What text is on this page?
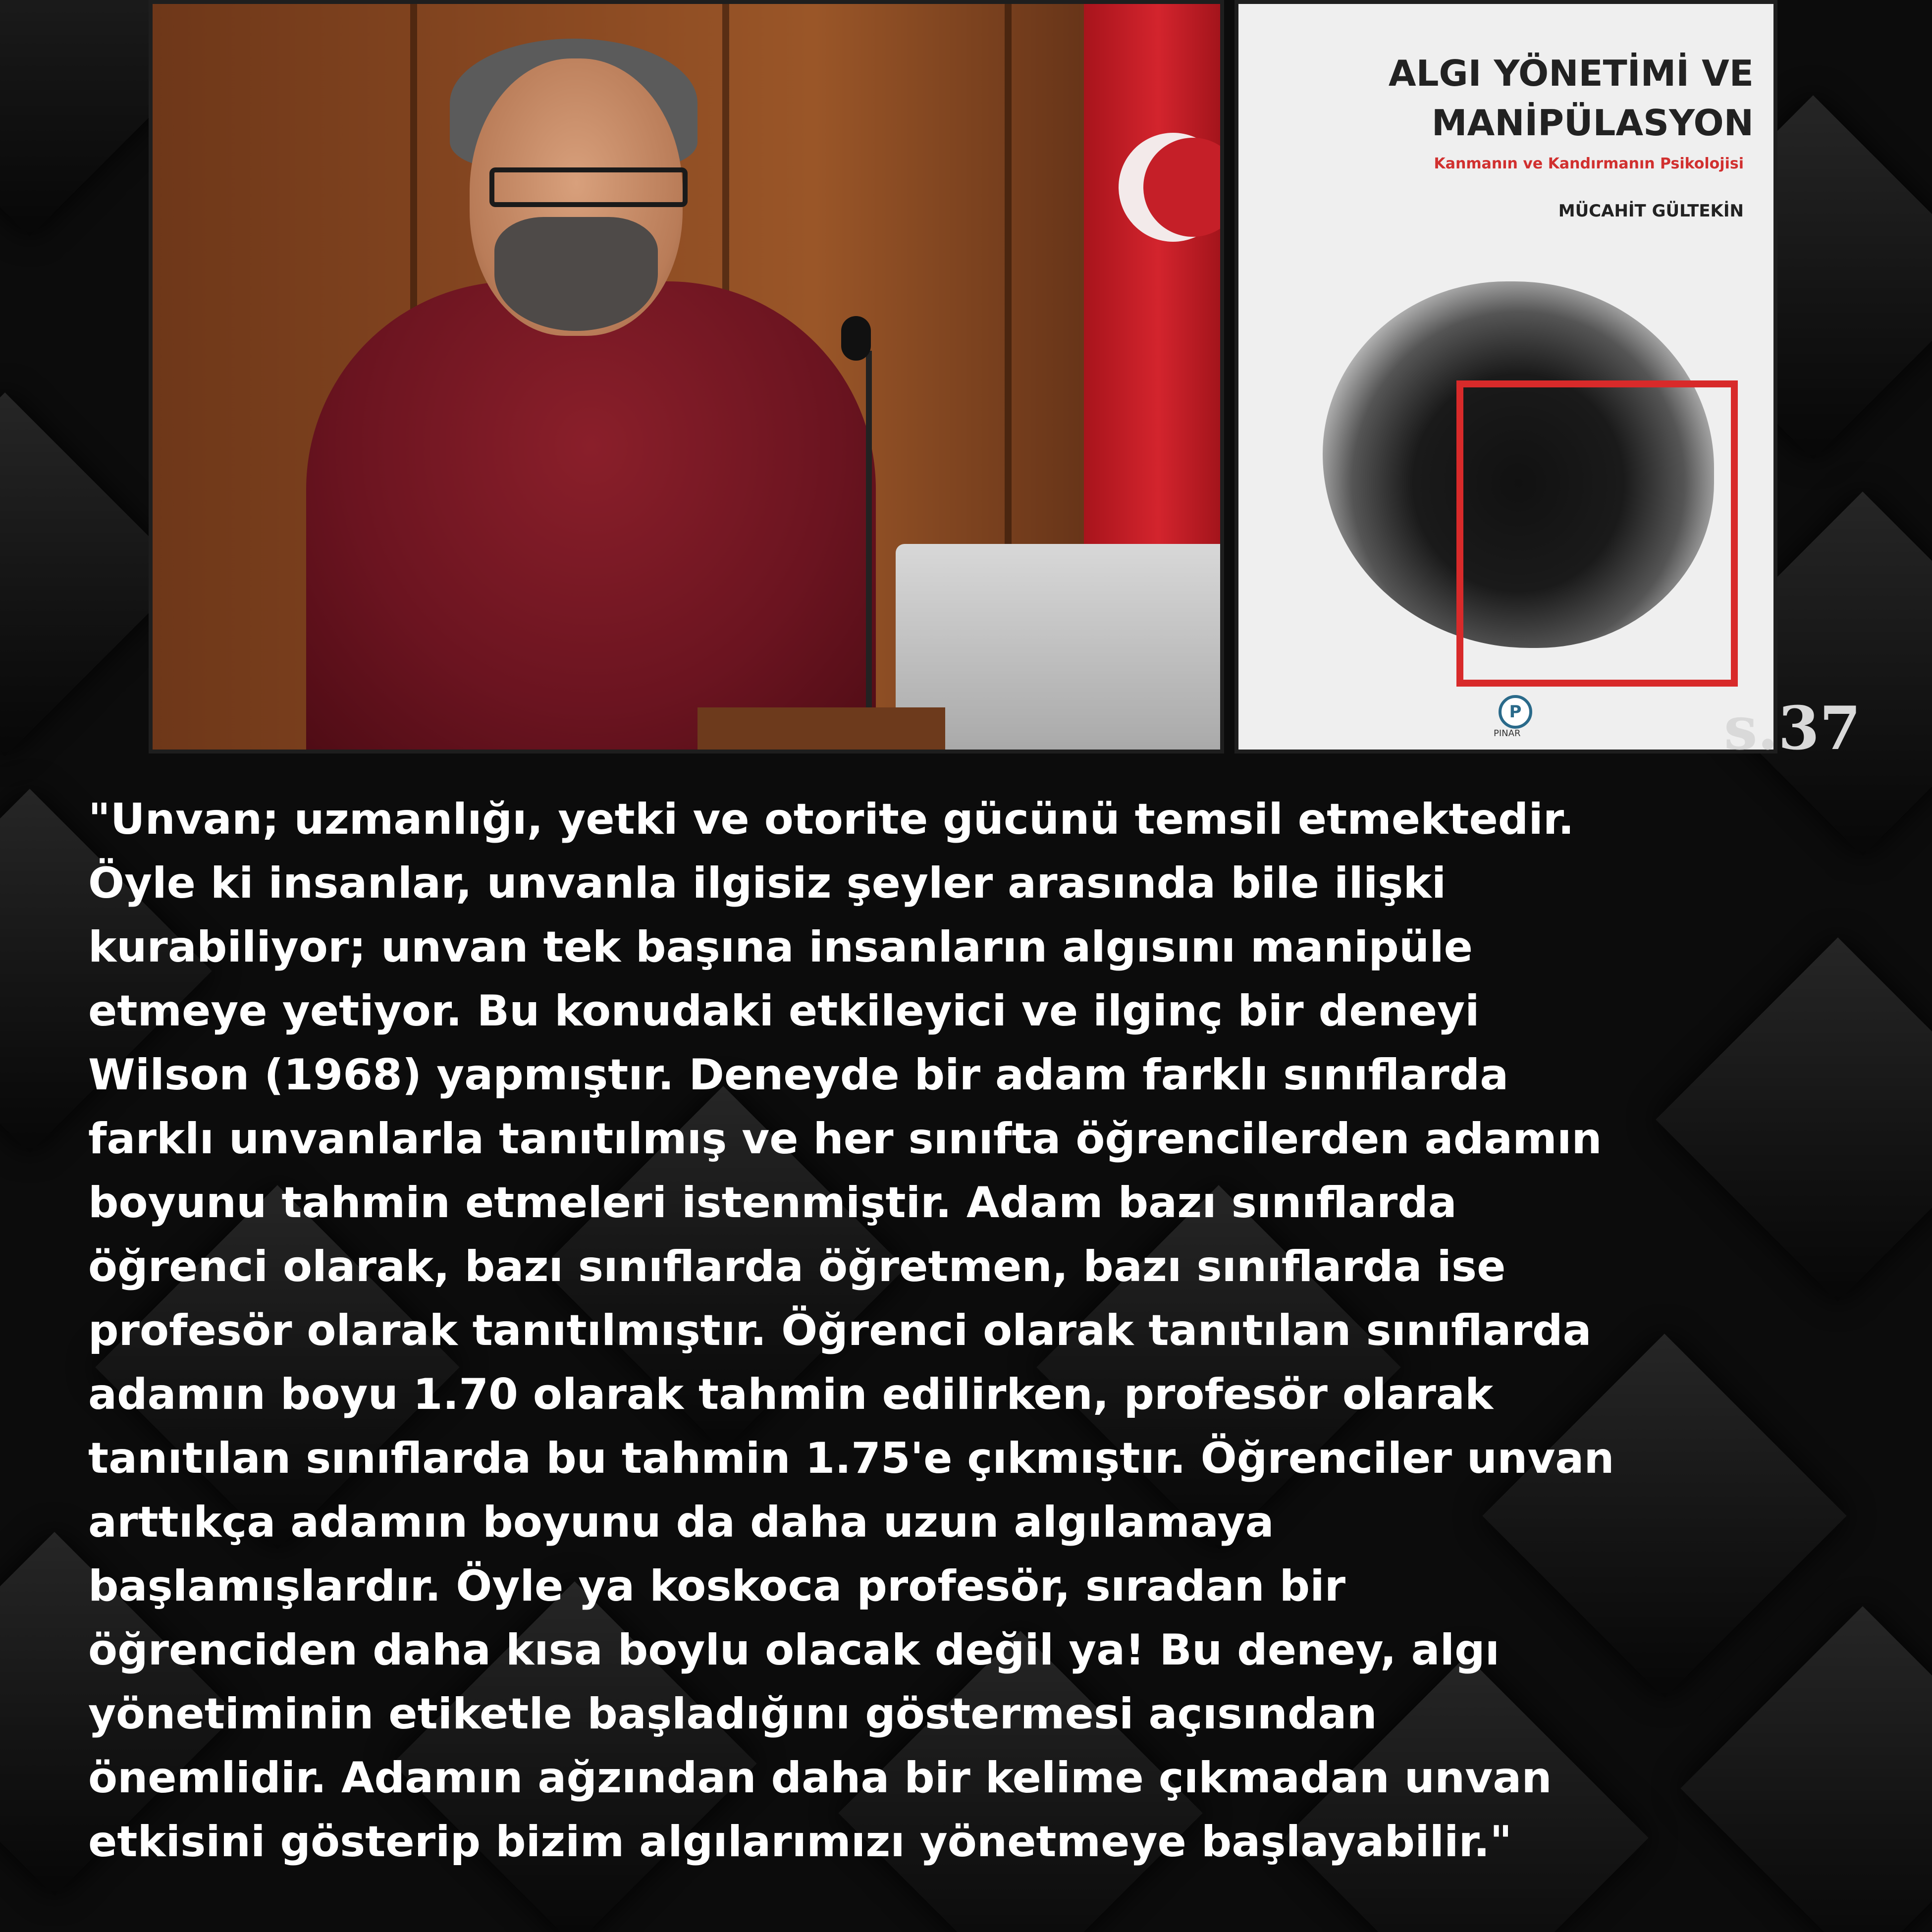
ALGI YÖNETİMİ VE MANİPÜLASYON
Kanmanın ve Kandırmanın Psikolojisi
MÜCAHİT GÜLTEKİN
P
PINAR	s.37

"Unvan; uzmanlığı, yetki ve otorite gücünü temsil etmektedir.
Öyle ki insanlar, unvanla ilgisiz şeyler arasında bile ilişki
kurabiliyor; unvan tek başına insanların algısını manipüle
etmeye yetiyor. Bu konudaki etkileyici ve ilginç bir deneyi
Wilson (1968) yapmıştır. Deneyde bir adam farklı sınıflarda
farklı unvanlarla tanıtılmış ve her sınıfta öğrencilerden adamın
boyunu tahmin etmeleri istenmiştir. Adam bazı sınıflarda
öğrenci olarak, bazı sınıflarda öğretmen, bazı sınıflarda ise
profesör olarak tanıtılmıştır. Öğrenci olarak tanıtılan sınıflarda
adamın boyu 1.70 olarak tahmin edilirken, profesör olarak
tanıtılan sınıflarda bu tahmin 1.75'e çıkmıştır. Öğrenciler unvan
arttıkça adamın boyunu da daha uzun algılamaya
başlamışlardır. Öyle ya koskoca profesör, sıradan bir
öğrenciden daha kısa boylu olacak değil ya! Bu deney, algı
yönetiminin etiketle başladığını göstermesi açısından
önemlidir. Adamın ağzından daha bir kelime çıkmadan unvan
etkisini gösterip bizim algılarımızı yönetmeye başlayabilir."
